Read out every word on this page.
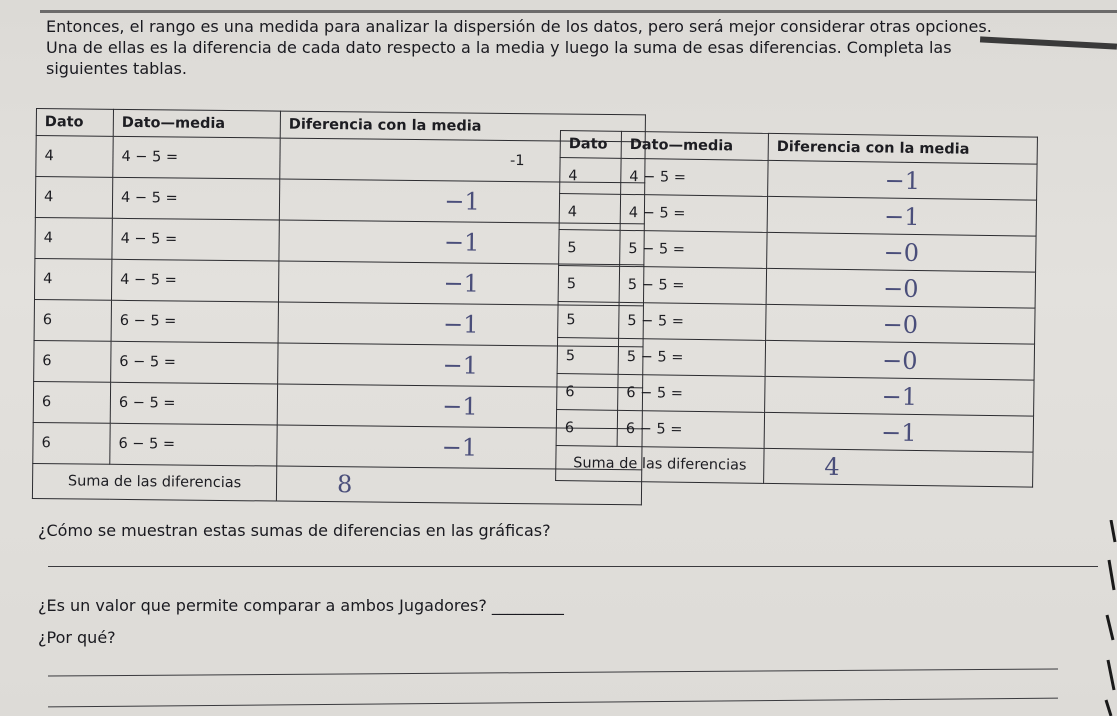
Entonces, el rango es una medida para analizar la dispersión de los datos, pero será mejor considerar otras opciones.

Una de ellas es la diferencia de cada dato respecto a la media y luego la suma de esas diferencias. Completa las

siguientes tablas.

Dato	Dato—media	Diferencia con la media
4	4 − 5 =	-1
4	4 − 5 =	−1
4	4 − 5 =	−1
4	4 − 5 =	−1
6	6 − 5 =	−1
6	6 − 5 =	−1
6	6 − 5 =	−1
6	6 − 5 =	−1
Suma de las diferencias		8
Dato	Dato—media	Diferencia con la media
4	4 − 5 =	−1
4	4 − 5 =	−1
5	5 − 5 =	−0
5	5 − 5 =	−0
5	5 − 5 =	−0
5	5 − 5 =	−0
6	6 − 5 =	−1
6	6 − 5 =	−1
Suma de las diferencias		4
¿Cómo se muestran estas sumas de diferencias en las gráficas?
¿Es un valor que permite comparar a ambos Jugadores? _________
¿Por qué?
